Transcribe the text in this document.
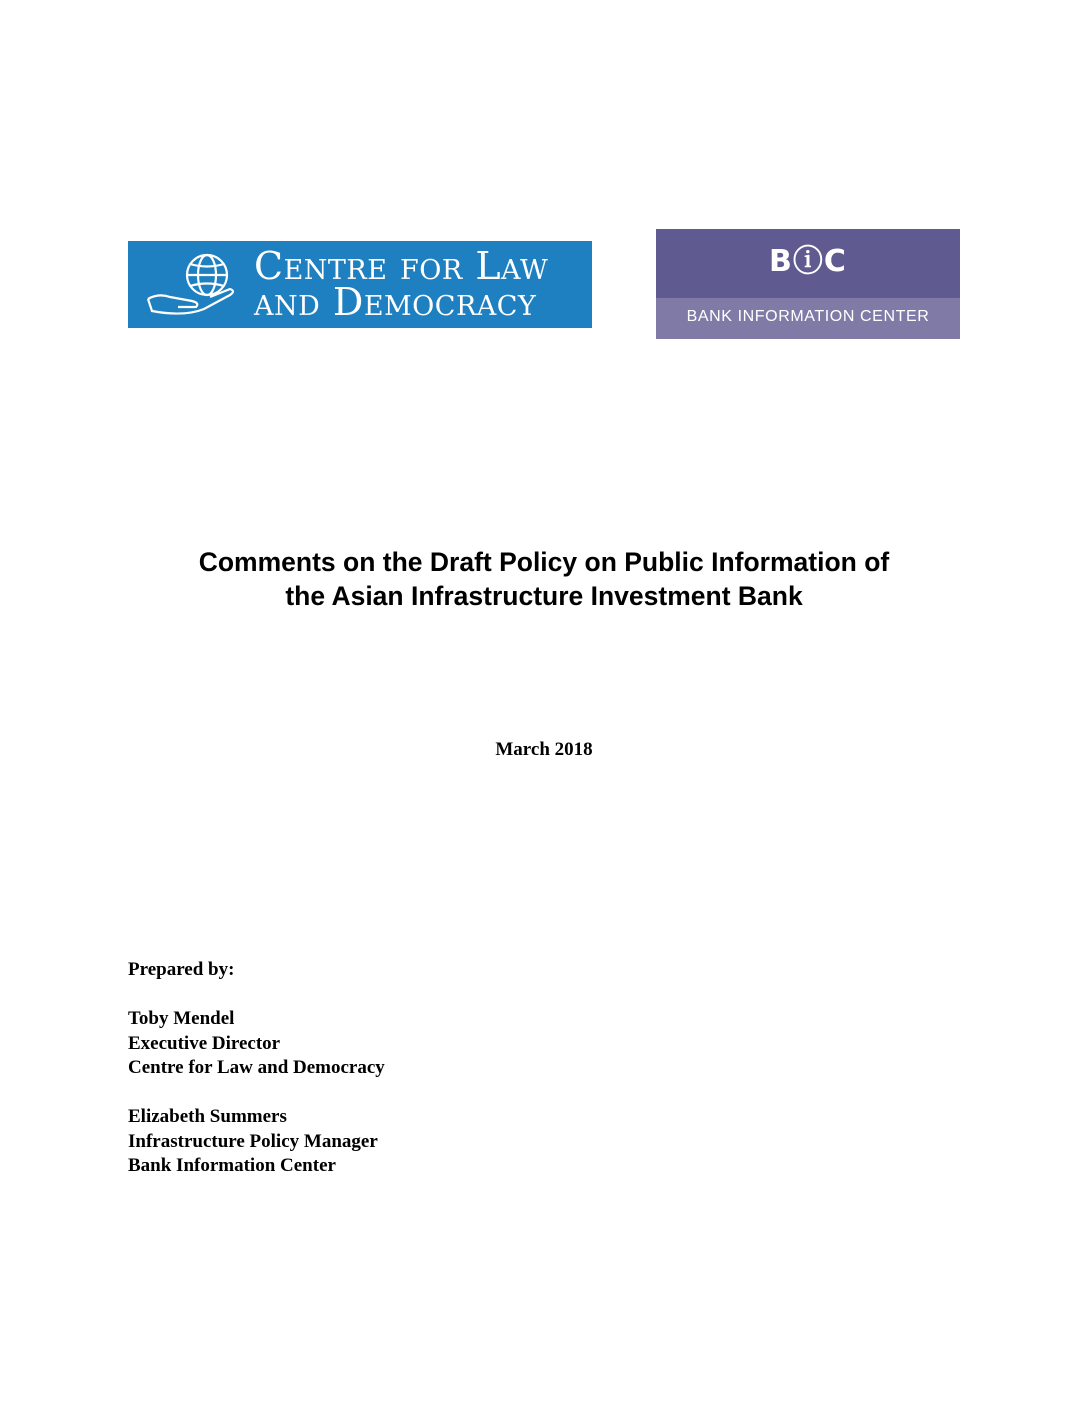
Centre for Law
and Democracy
BⓘC
BANK INFORMATION CENTER
Comments on the Draft Policy on Public Information of
the Asian Infrastructure Investment Bank
March 2018
Prepared by:
Toby Mendel
Executive Director
Centre for Law and Democracy
Elizabeth Summers
Infrastructure Policy Manager
Bank Information Center
